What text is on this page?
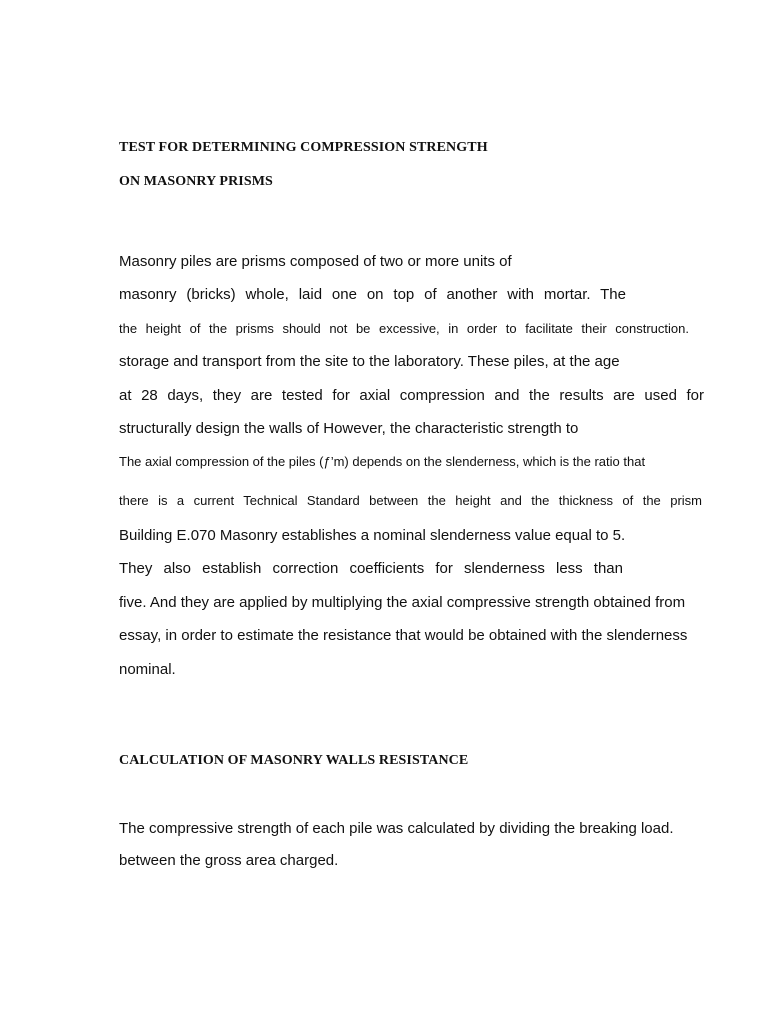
TEST FOR DETERMINING COMPRESSION STRENGTH
ON MASONRY PRISMS
Masonry piles are prisms composed of two or more units of
masonry (bricks) whole, laid one on top of another with mortar. The
the height of the prisms should not be excessive, in order to facilitate their construction.
storage and transport from the site to the laboratory. These piles, at the age
at 28 days, they are tested for axial compression and the results are used for
structurally design the walls of However, the characteristic strength to
The axial compression of the piles (ƒ’m) depends on the slenderness, which is the ratio that
there is a current Technical Standard between the height and the thickness of the prism
Building E.070 Masonry establishes a nominal slenderness value equal to 5.
They also establish correction coefficients for slenderness less than
five. And they are applied by multiplying the axial compressive strength obtained from
essay, in order to estimate the resistance that would be obtained with the slenderness
nominal.
CALCULATION OF MASONRY WALLS RESISTANCE
The compressive strength of each pile was calculated by dividing the breaking load.
between the gross area charged.
